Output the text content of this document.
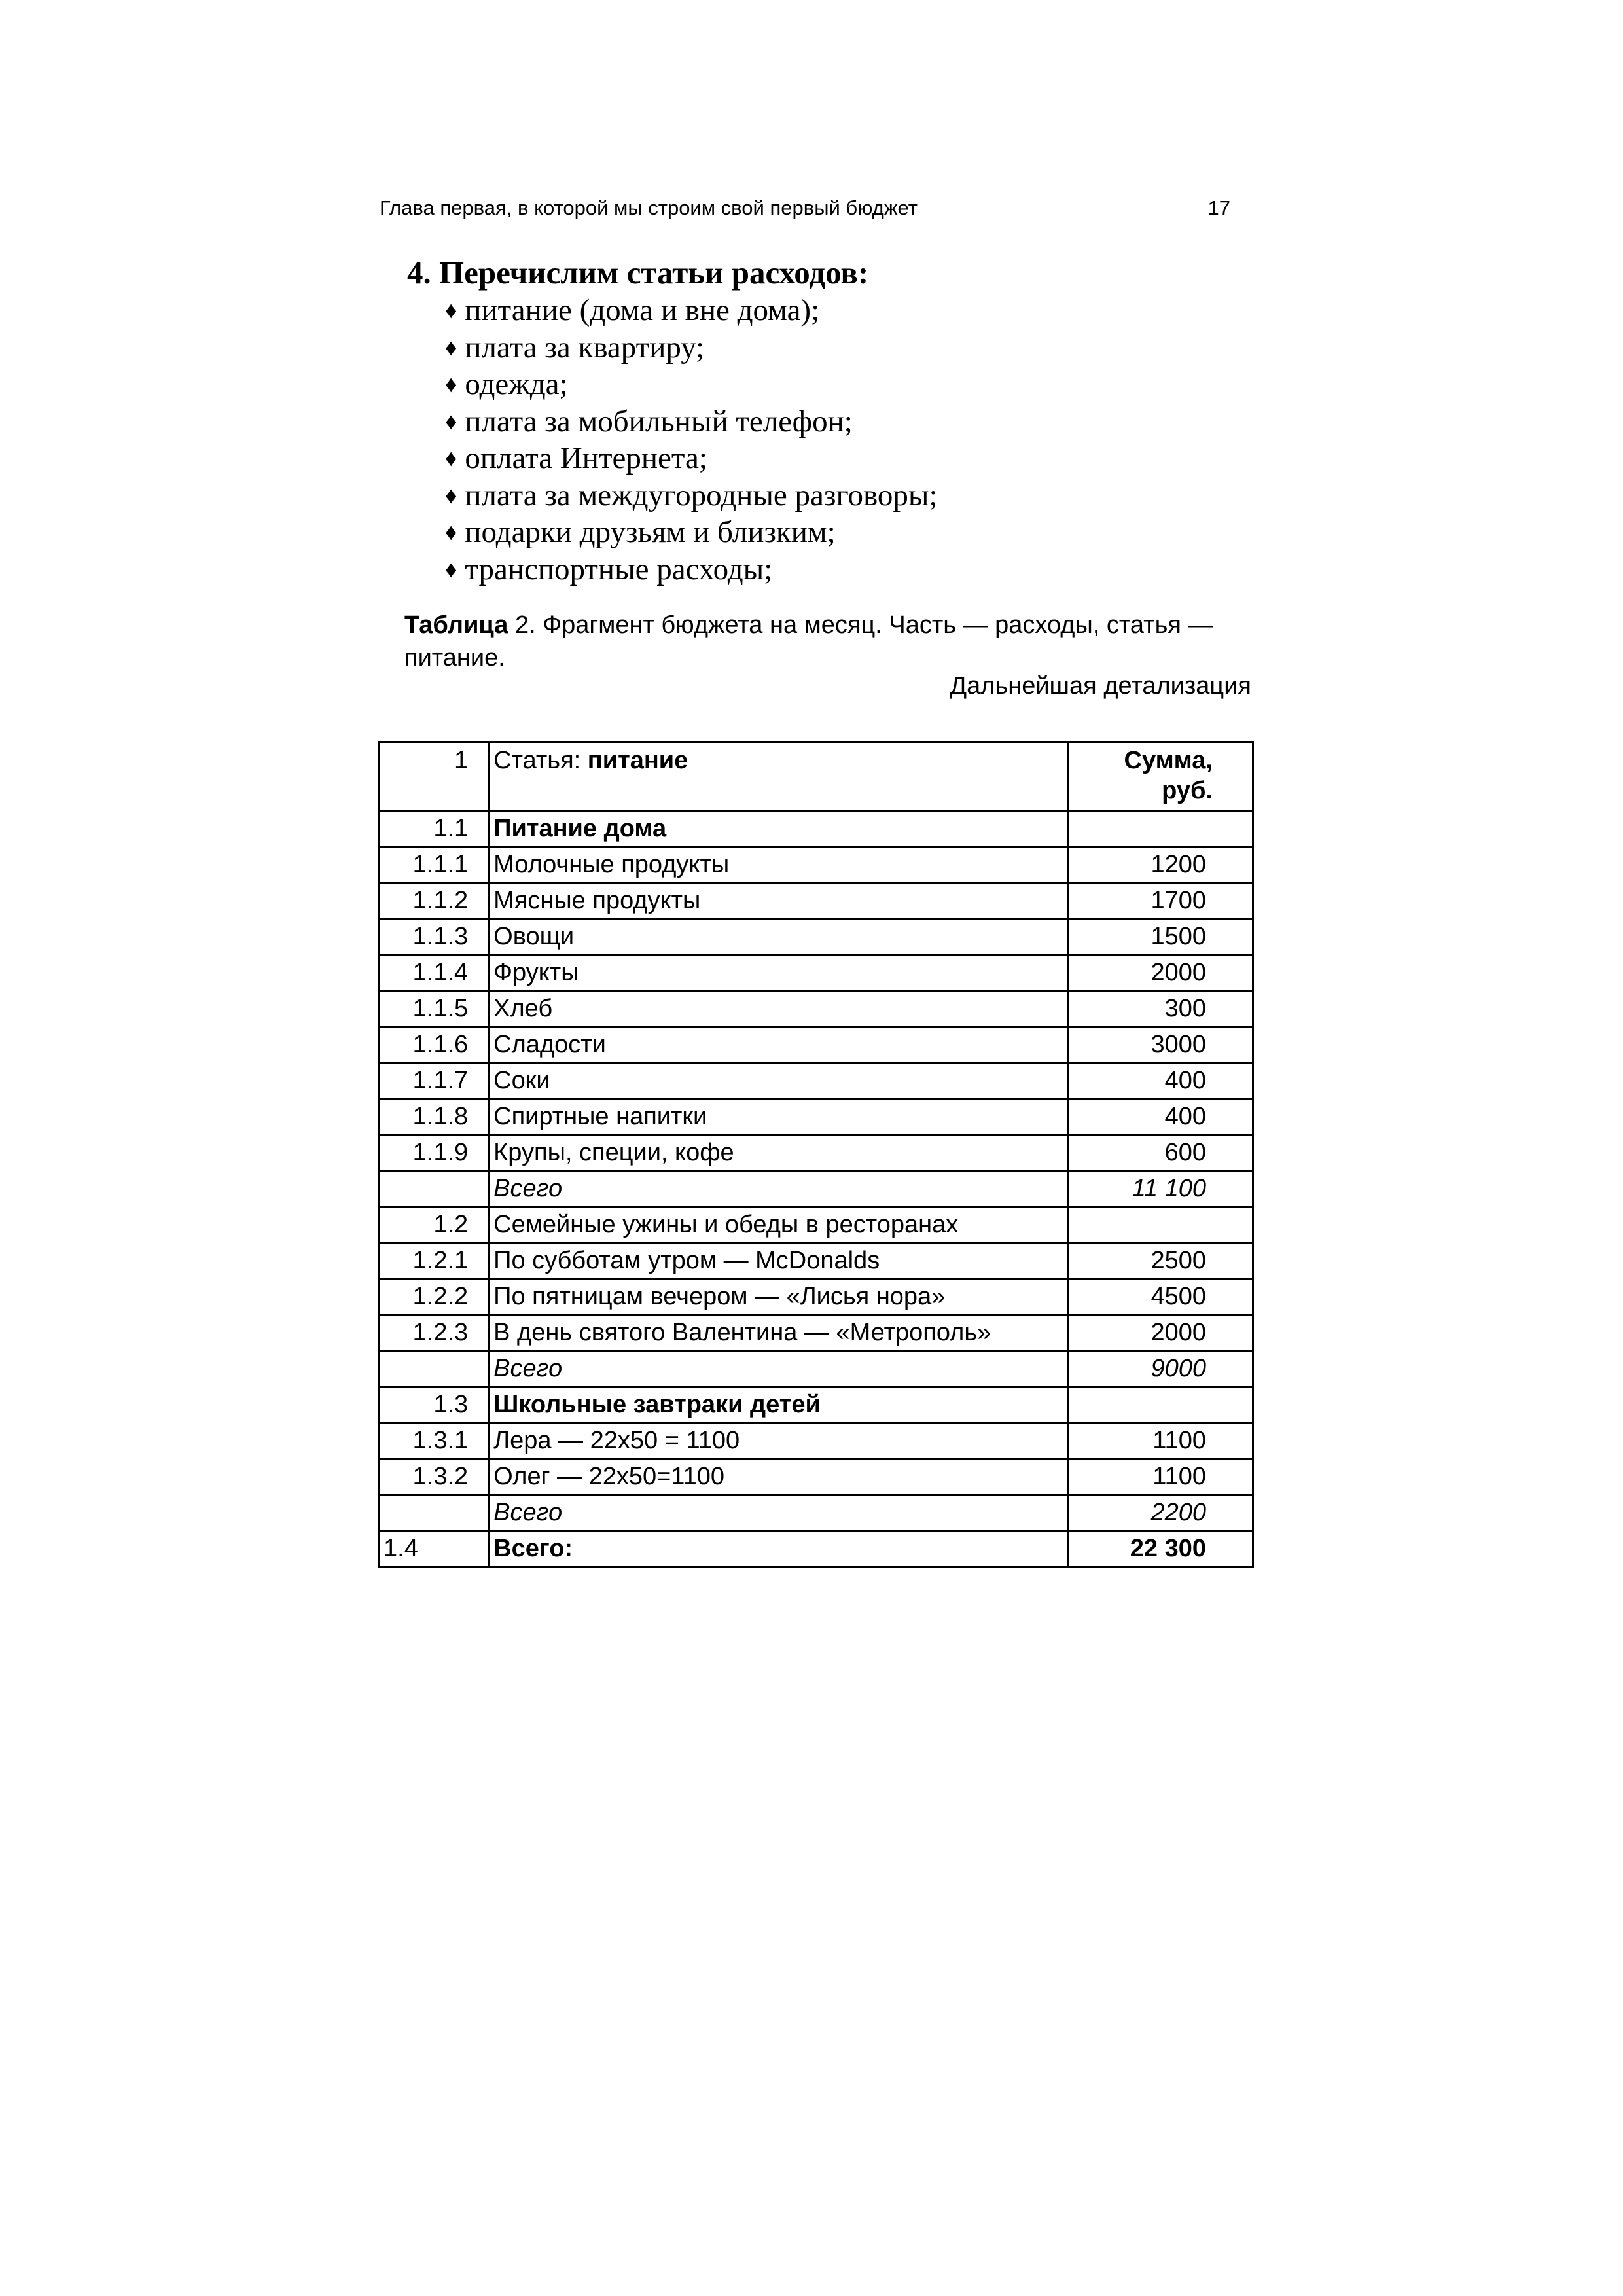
Глава первая, в которой мы строим свой первый бюджет	17
4. Перечислим статьи расходов:
♦ питание (дома и вне дома);
♦ плата за квартиру;
♦ одежда;
♦ плата за мобильный телефон;
♦ оплата Интернета;
♦ плата за междугородные разговоры;
♦ подарки друзьям и близким;
♦ транспортные расходы;
Таблица 2. Фрагмент бюджета на месяц. Часть — расходы, статья — питание.
Дальнейшая детализация
1	Статья: питание	Сумма,
руб.

1.1	Питание дома	
1.1.1	Молочные продукты	1200
1.1.2	Мясные продукты	1700
1.1.3	Овощи	1500
1.1.4	Фрукты	2000
1.1.5	Хлеб	300
1.1.6	Сладости	3000
1.1.7	Соки	400
1.1.8	Спиртные напитки	400
1.1.9	Крупы, специи, кофе	600
	Всего	11 100
1.2	Семейные ужины и обеды в ресторанах	
1.2.1	По субботам утром — McDonalds	2500
1.2.2	По пятницам вечером — «Лисья нора»	4500
1.2.3	В день святого Валентина — «Метрополь»	2000
	Всего	9000
1.3	Школьные завтраки детей	
1.3.1	Лера — 22x50 = 1100	1100
1.3.2	Олег — 22x50=1100	1100
	Всего	2200
1.4	Всего:	22 300
